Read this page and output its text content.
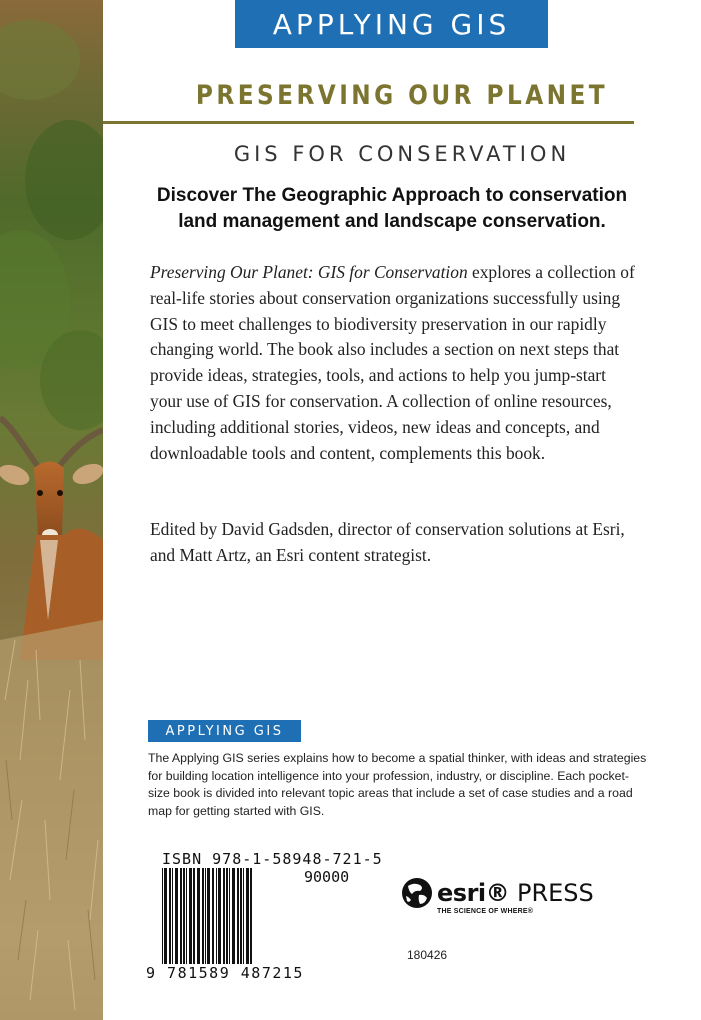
APPLYING GIS
PRESERVING OUR PLANET
GIS FOR CONSERVATION
Discover The Geographic Approach to conservation land management and landscape conservation.

Preserving Our Planet: GIS for Conservation explores a collection of real-life stories about conservation organizations successfully using GIS to meet challenges to biodiversity preservation in our rapidly changing world. The book also includes a section on next steps that provide ideas, strategies, tools, and actions to help you jump-start your use of GIS for conservation. A collection of online resources, including additional stories, videos, new ideas and concepts, and downloadable tools and content, complements this book.

Edited by David Gadsden, director of conservation solutions at Esri, and Matt Artz, an Esri content strategist.

APPLYING GIS

The Applying GIS series explains how to become a spatial thinker, with ideas and strategies for building location intelligence into your profession, industry, or discipline. Each pocket-size book is divided into relevant topic areas that include a set of case studies and a road map for getting started with GIS.

ISBN 978-1-58948-721-5
90000
9 781589 487215
esri® PRESS
THE SCIENCE OF WHERE®
180426
